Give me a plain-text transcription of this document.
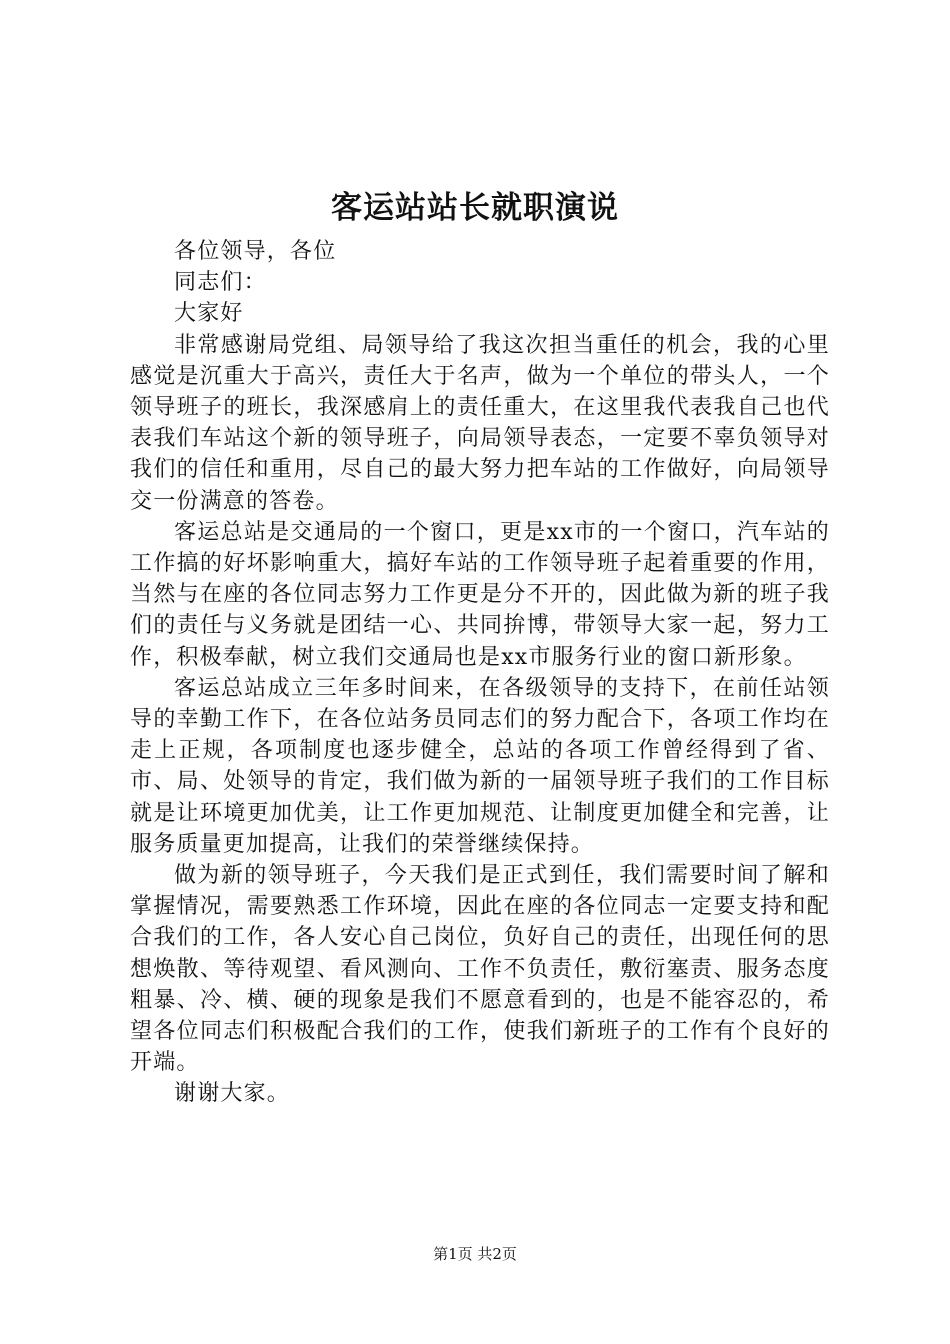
客运站站长就职演说

各位领导，各位

同志们：

大家好

非常感谢局党组、局领导给了我这次担当重任的机会，我的心里感觉是沉重大于高兴，责任大于名声，做为一个单位的带头人，一个领导班子的班长，我深感肩上的责任重大，在这里我代表我自己也代表我们车站这个新的领导班子，向局领导表态，一定要不辜负领导对我们的信任和重用，尽自己的最大努力把车站的工作做好，向局领导交一份满意的答卷。

客运总站是交通局的一个窗口，更是xx市的一个窗口，汽车站的工作搞的好坏影响重大，搞好车站的工作领导班子起着重要的作用，当然与在座的各位同志努力工作更是分不开的，因此做为新的班子我们的责任与义务就是团结一心、共同拚博，带领导大家一起，努力工作，积极奉献，树立我们交通局也是xx市服务行业的窗口新形象。

客运总站成立三年多时间来，在各级领导的支持下，在前任站领导的幸勤工作下，在各位站务员同志们的努力配合下，各项工作均在走上正规，各项制度也逐步健全，总站的各项工作曾经得到了省、市、局、处领导的肯定，我们做为新的一届领导班子我们的工作目标就是让环境更加优美，让工作更加规范、让制度更加健全和完善，让服务质量更加提高，让我们的荣誉继续保持。

做为新的领导班子，今天我们是正式到任，我们需要时间了解和掌握情况，需要熟悉工作环境，因此在座的各位同志一定要支持和配合我们的工作，各人安心自己岗位，负好自己的责任，出现任何的思想焕散、等待观望、看风测向、工作不负责任，敷衍塞责、服务态度粗暴、冷、横、硬的现象是我们不愿意看到的，也是不能容忍的，希望各位同志们积极配合我们的工作，使我们新班子的工作有个良好的开端。

谢谢大家。

第1页 共2页
